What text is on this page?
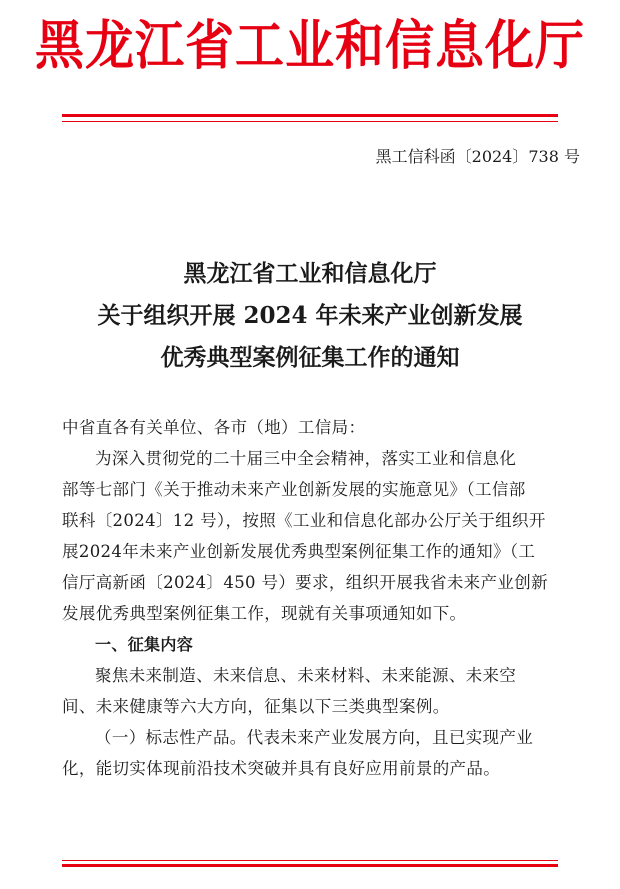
黑龙江省工业和信息化厅
黑工信科函〔2024〕738 号
黑龙江省工业和信息化厅
关于组织开展 2024 年未来产业创新发展
优秀典型案例征集工作的通知
中省直各有关单位、各市（地）工信局：
为深入贯彻党的二十届三中全会精神，落实工业和信息化
部等七部门《关于推动未来产业创新发展的实施意见》（工信部
联科〔2024〕12 号），按照《工业和信息化部办公厅关于组织开
展2024年未来产业创新发展优秀典型案例征集工作的通知》（工
信厅高新函〔2024〕450 号）要求，组织开展我省未来产业创新
发展优秀典型案例征集工作，现就有关事项通知如下。
一、征集内容
聚焦未来制造、未来信息、未来材料、未来能源、未来空
间、未来健康等六大方向，征集以下三类典型案例。
（一）标志性产品。代表未来产业发展方向，且已实现产业
化，能切实体现前沿技术突破并具有良好应用前景的产品。
